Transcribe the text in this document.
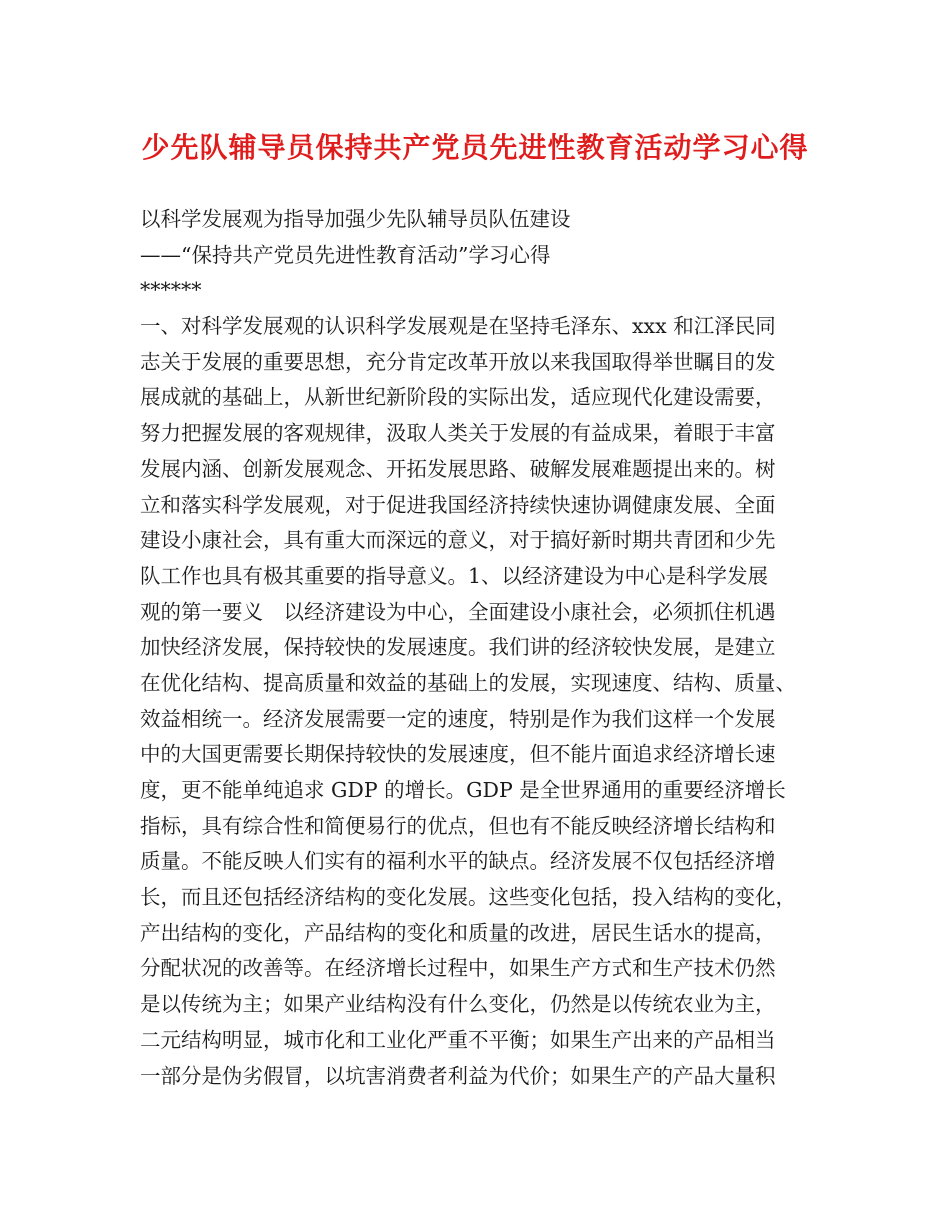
少先队辅导员保持共产党员先进性教育活动学习心得
以科学发展观为指导加强少先队辅导员队伍建设
——“保持共产党员先进性教育活动”学习心得
******
一、对科学发展观的认识科学发展观是在坚持毛泽东、xxx 和江泽民同
志关于发展的重要思想，充分肯定改革开放以来我国取得举世瞩目的发
展成就的基础上，从新世纪新阶段的实际出发，适应现代化建设需要，
努力把握发展的客观规律，汲取人类关于发展的有益成果，着眼于丰富
发展内涵、创新发展观念、开拓发展思路、破解发展难题提出来的。树
立和落实科学发展观，对于促进我国经济持续快速协调健康发展、全面
建设小康社会，具有重大而深远的意义，对于搞好新时期共青团和少先
队工作也具有极其重要的指导意义。1、以经济建设为中心是科学发展
观的第一要义　以经济建设为中心，全面建设小康社会，必须抓住机遇
加快经济发展，保持较快的发展速度。我们讲的经济较快发展，是建立
在优化结构、提高质量和效益的基础上的发展，实现速度、结构、质量、
效益相统一。经济发展需要一定的速度，特别是作为我们这样一个发展
中的大国更需要长期保持较快的发展速度，但不能片面追求经济增长速
度，更不能单纯追求 GDP 的增长。GDP 是全世界通用的重要经济增长
指标，具有综合性和简便易行的优点，但也有不能反映经济增长结构和
质量。不能反映人们实有的福利水平的缺点。经济发展不仅包括经济增
长，而且还包括经济结构的变化发展。这些变化包括，投入结构的变化，
产出结构的变化，产品结构的变化和质量的改进，居民生话水的提高，
分配状况的改善等。在经济增长过程中，如果生产方式和生产技术仍然
是以传统为主；如果产业结构没有什么变化，仍然是以传统农业为主，
二元结构明显，城市化和工业化严重不平衡；如果生产出来的产品相当
一部分是伪劣假冒，以坑害消费者利益为代价；如果生产的产品大量积
